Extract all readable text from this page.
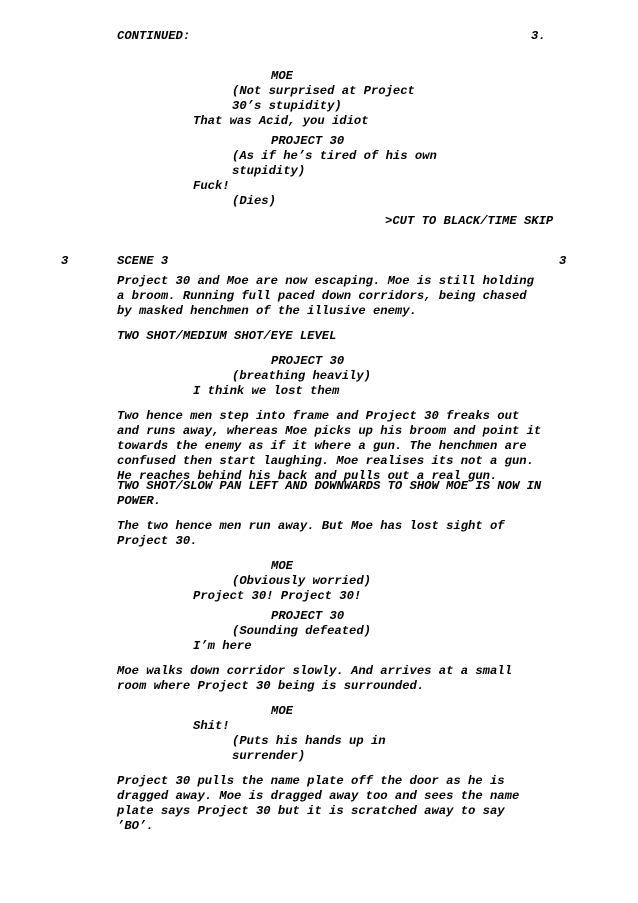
CONTINUED:	3.
MOE
(Not surprised at Project
30’s stupidity)
That was Acid, you idiot
PROJECT 30
(As if he’s tired of his own
stupidity)
Fuck!
(Dies)
>CUT TO BLACK/TIME SKIP
3	SCENE 3	3
Project 30 and Moe are now escaping. Moe is still holding
a broom. Running full paced down corridors, being chased
by masked henchmen of the illusive enemy.
TWO SHOT/MEDIUM SHOT/EYE LEVEL
PROJECT 30
(breathing heavily)
I think we lost them
Two hence men step into frame and Project 30 freaks out
and runs away, whereas Moe picks up his broom and point it
towards the enemy as if it where a gun. The henchmen are
confused then start laughing. Moe realises its not a gun.
He reaches behind his back and pulls out a real gun.
TWO SHOT/SLOW PAN LEFT AND DOWNWARDS TO SHOW MOE IS NOW IN
POWER.
The two hence men run away. But Moe has lost sight of
Project 30.
MOE
(Obviously worried)
Project 30! Project 30!
PROJECT 30
(Sounding defeated)
I’m here
Moe walks down corridor slowly. And arrives at a small
room where Project 30 being is surrounded.
MOE
Shit!
(Puts his hands up in
surrender)
Project 30 pulls the name plate off the door as he is
dragged away. Moe is dragged away too and sees the name
plate says Project 30 but it is scratched away to say
’BO’.
